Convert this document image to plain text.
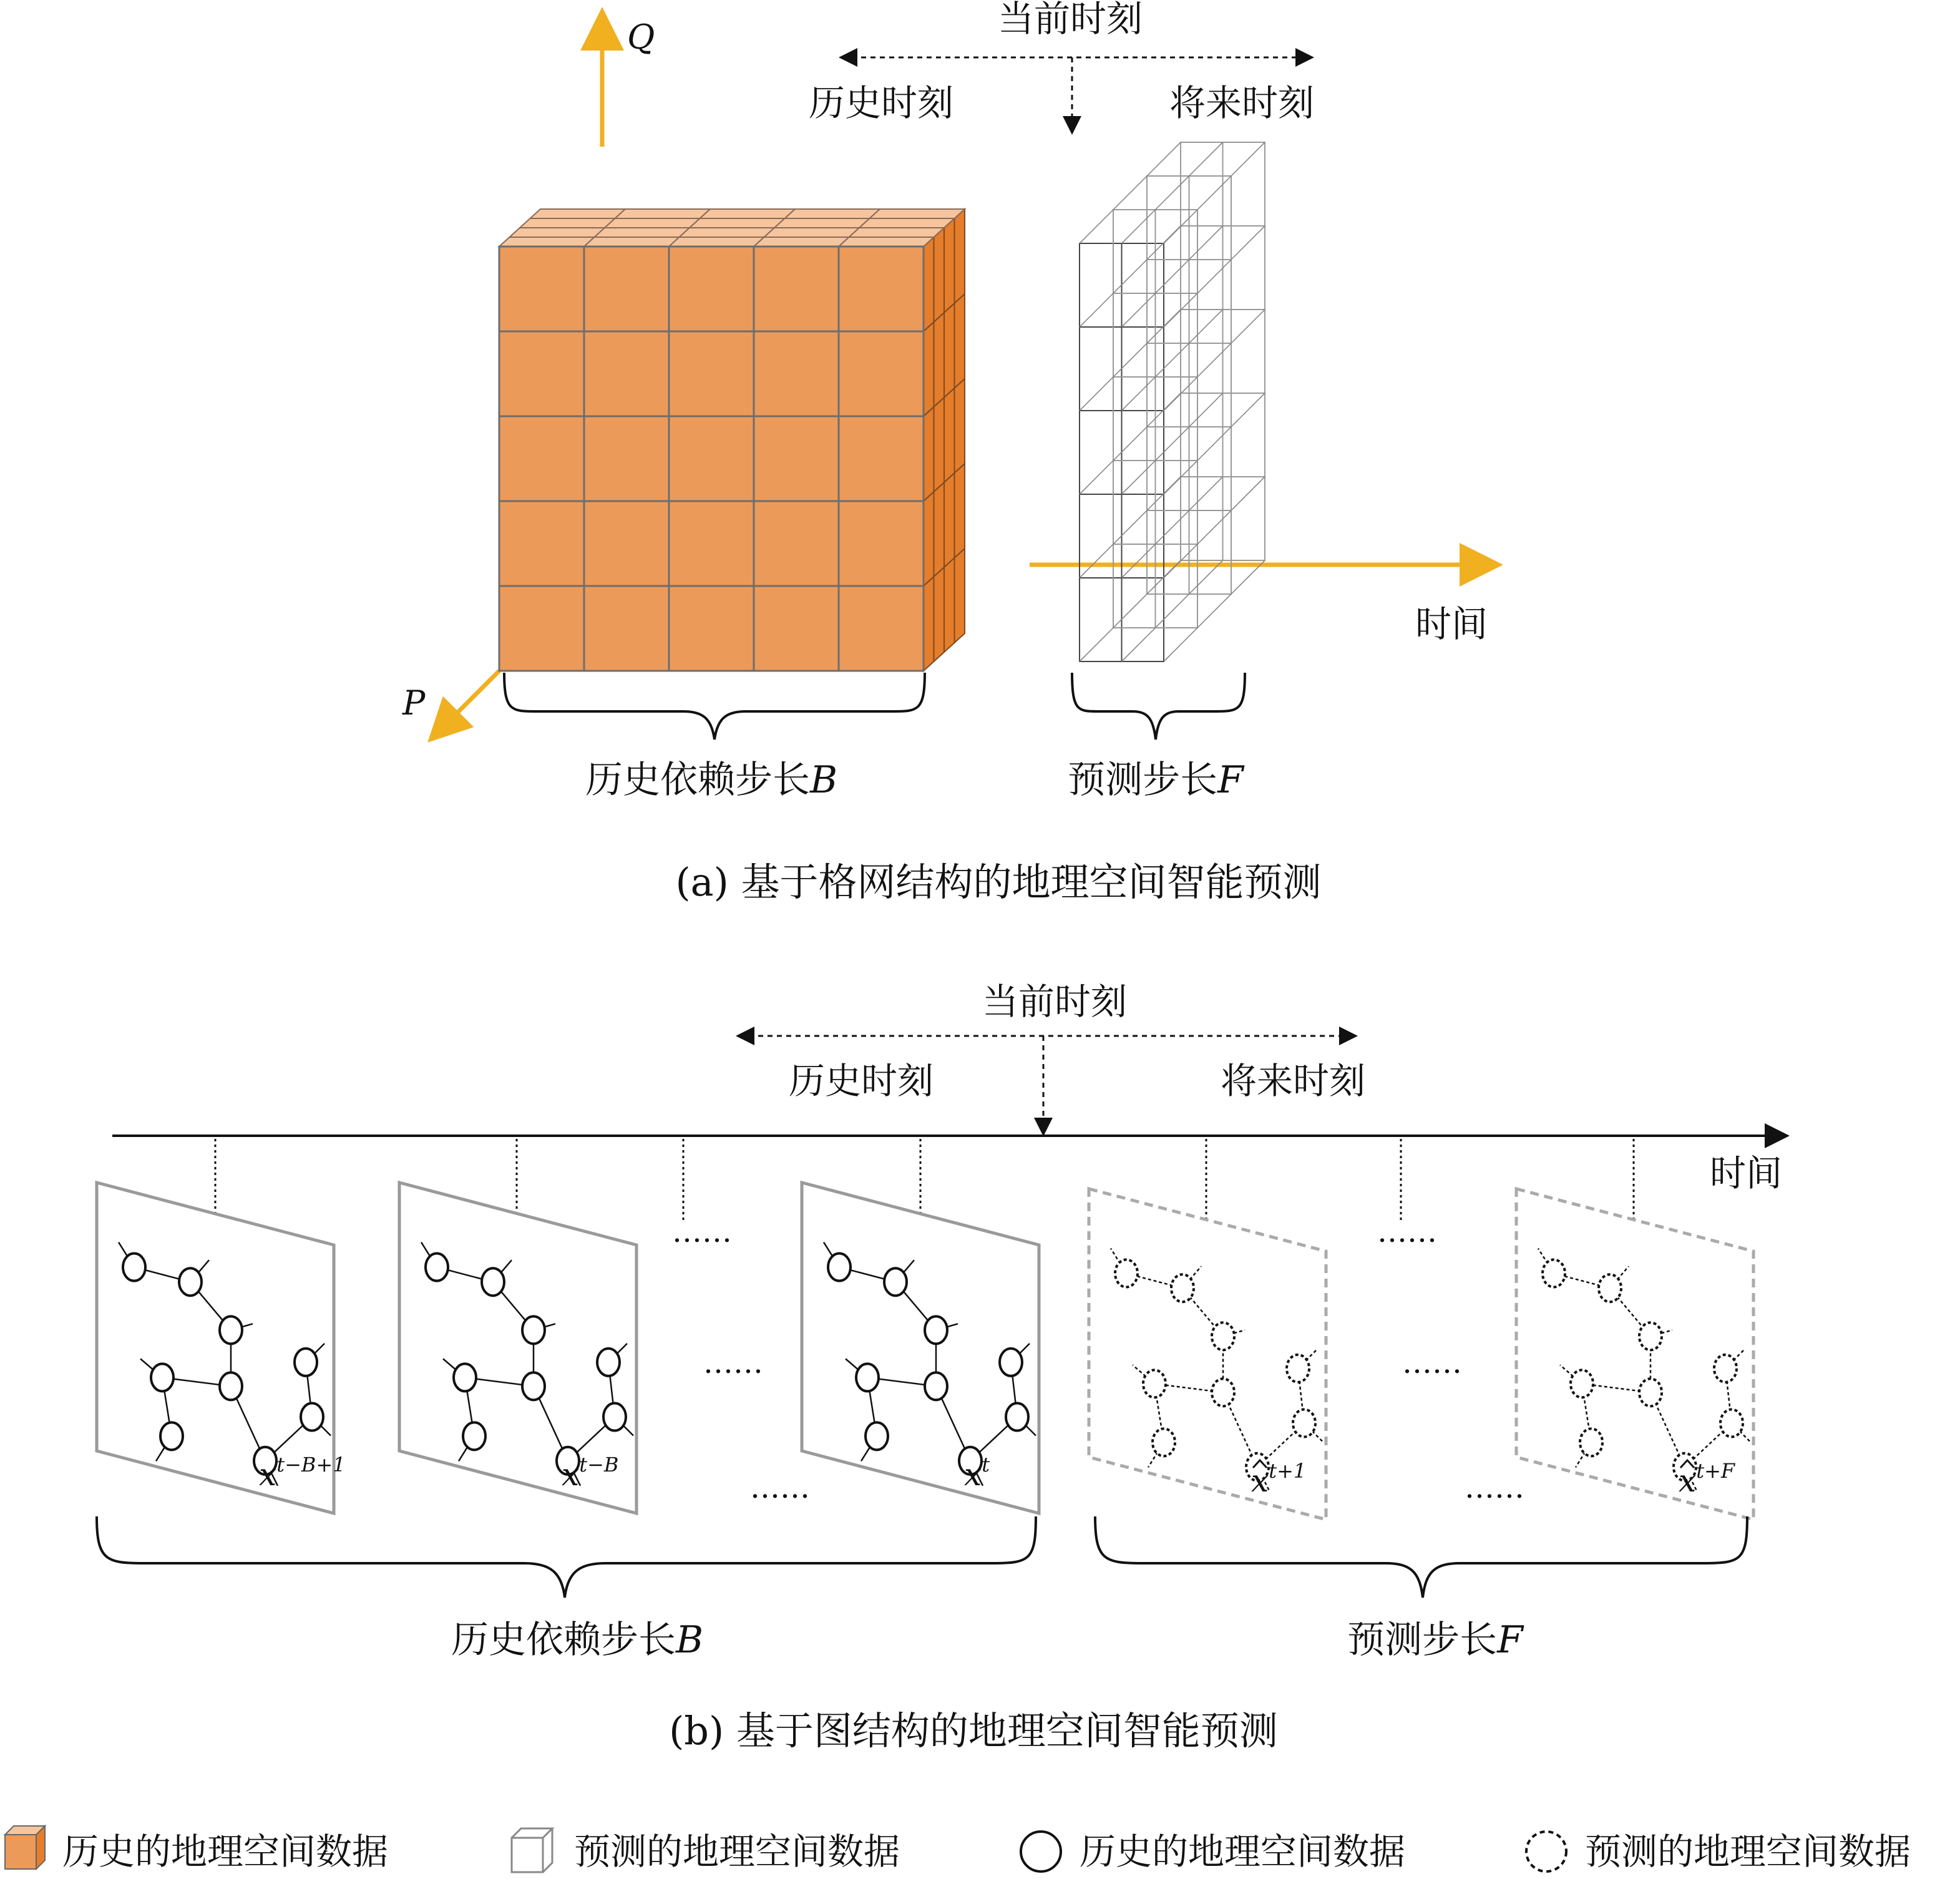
Q
P
时间
当前时刻
历史时刻	将来时刻
历史依赖步长B	预测步长F
(a) 基于格网结构的地理空间智能预测
当前时刻
历史时刻	将来时刻
时间
$x^{t-B+1}$	$x^{t-B}$	$x^t$	$x^{t+1}$	$x^{t+F}$
……
……
……
……
……
……
历史依赖步长B	预测步长F
(b) 基于图结构的地理空间智能预测
历史的地理空间数据	预测的地理空间数据	历史的地理空间数据	预测的地理空间数据
